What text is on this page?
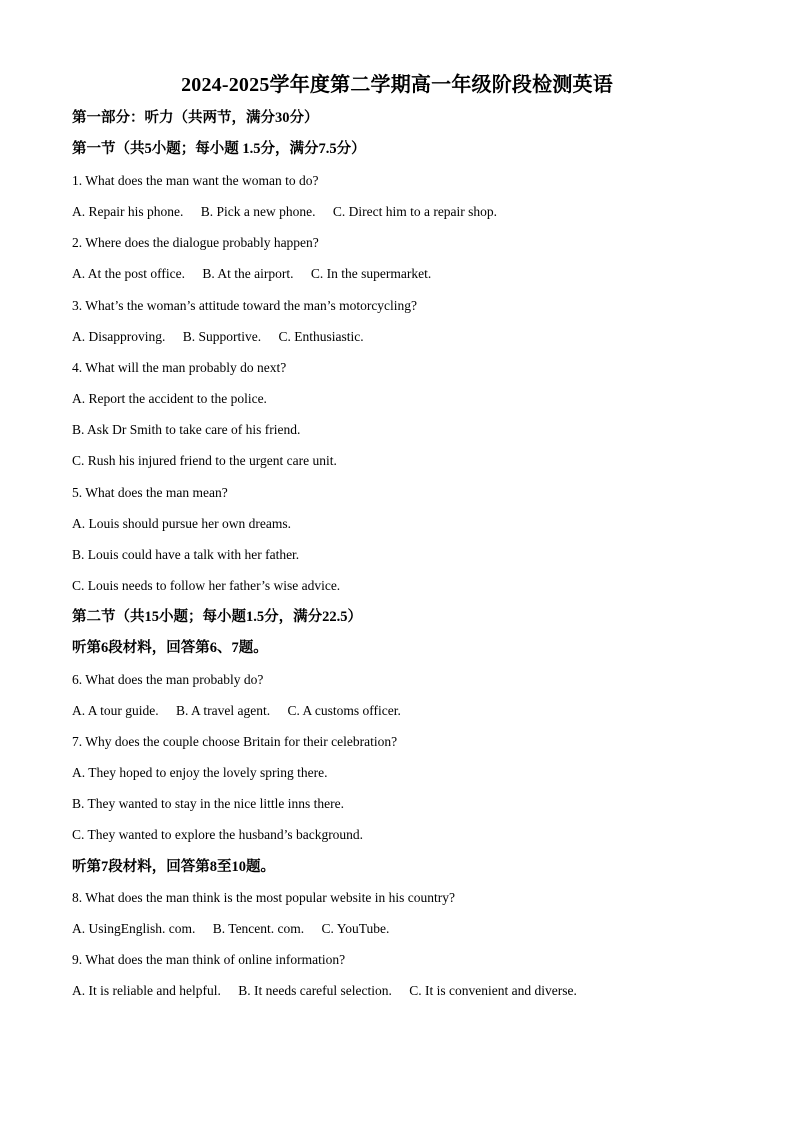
2024-2025学年度第二学期高一年级阶段检测英语
第一部分：听力（共两节，满分30分）
第一节（共5小题；每小题 1.5分，满分7.5分）
1. What does the man want the woman to do?
A. Repair his phone. B. Pick a new phone. C. Direct him to a repair shop.
2. Where does the dialogue probably happen?
A. At the post office. B. At the airport. C. In the supermarket.
3. What’s the woman’s attitude toward the man’s motorcycling?
A. Disapproving. B. Supportive. C. Enthusiastic.
4. What will the man probably do next?
A. Report the accident to the police.
B. Ask Dr Smith to take care of his friend.
C. Rush his injured friend to the urgent care unit.
5. What does the man mean?
A. Louis should pursue her own dreams.
B. Louis could have a talk with her father.
C. Louis needs to follow her father’s wise advice.
第二节（共15小题；每小题1.5分，满分22.5）
听第6段材料，回答第6、7题。
6. What does the man probably do?
A. A tour guide. B. A travel agent. C. A customs officer.
7. Why does the couple choose Britain for their celebration?
A. They hoped to enjoy the lovely spring there.
B. They wanted to stay in the nice little inns there.
C. They wanted to explore the husband’s background.
听第7段材料，回答第8至10题。
8. What does the man think is the most popular website in his country?
A. UsingEnglish. com. B. Tencent. com. C. YouTube.
9. What does the man think of online information?
A. It is reliable and helpful. B. It needs careful selection. C. It is convenient and diverse.
